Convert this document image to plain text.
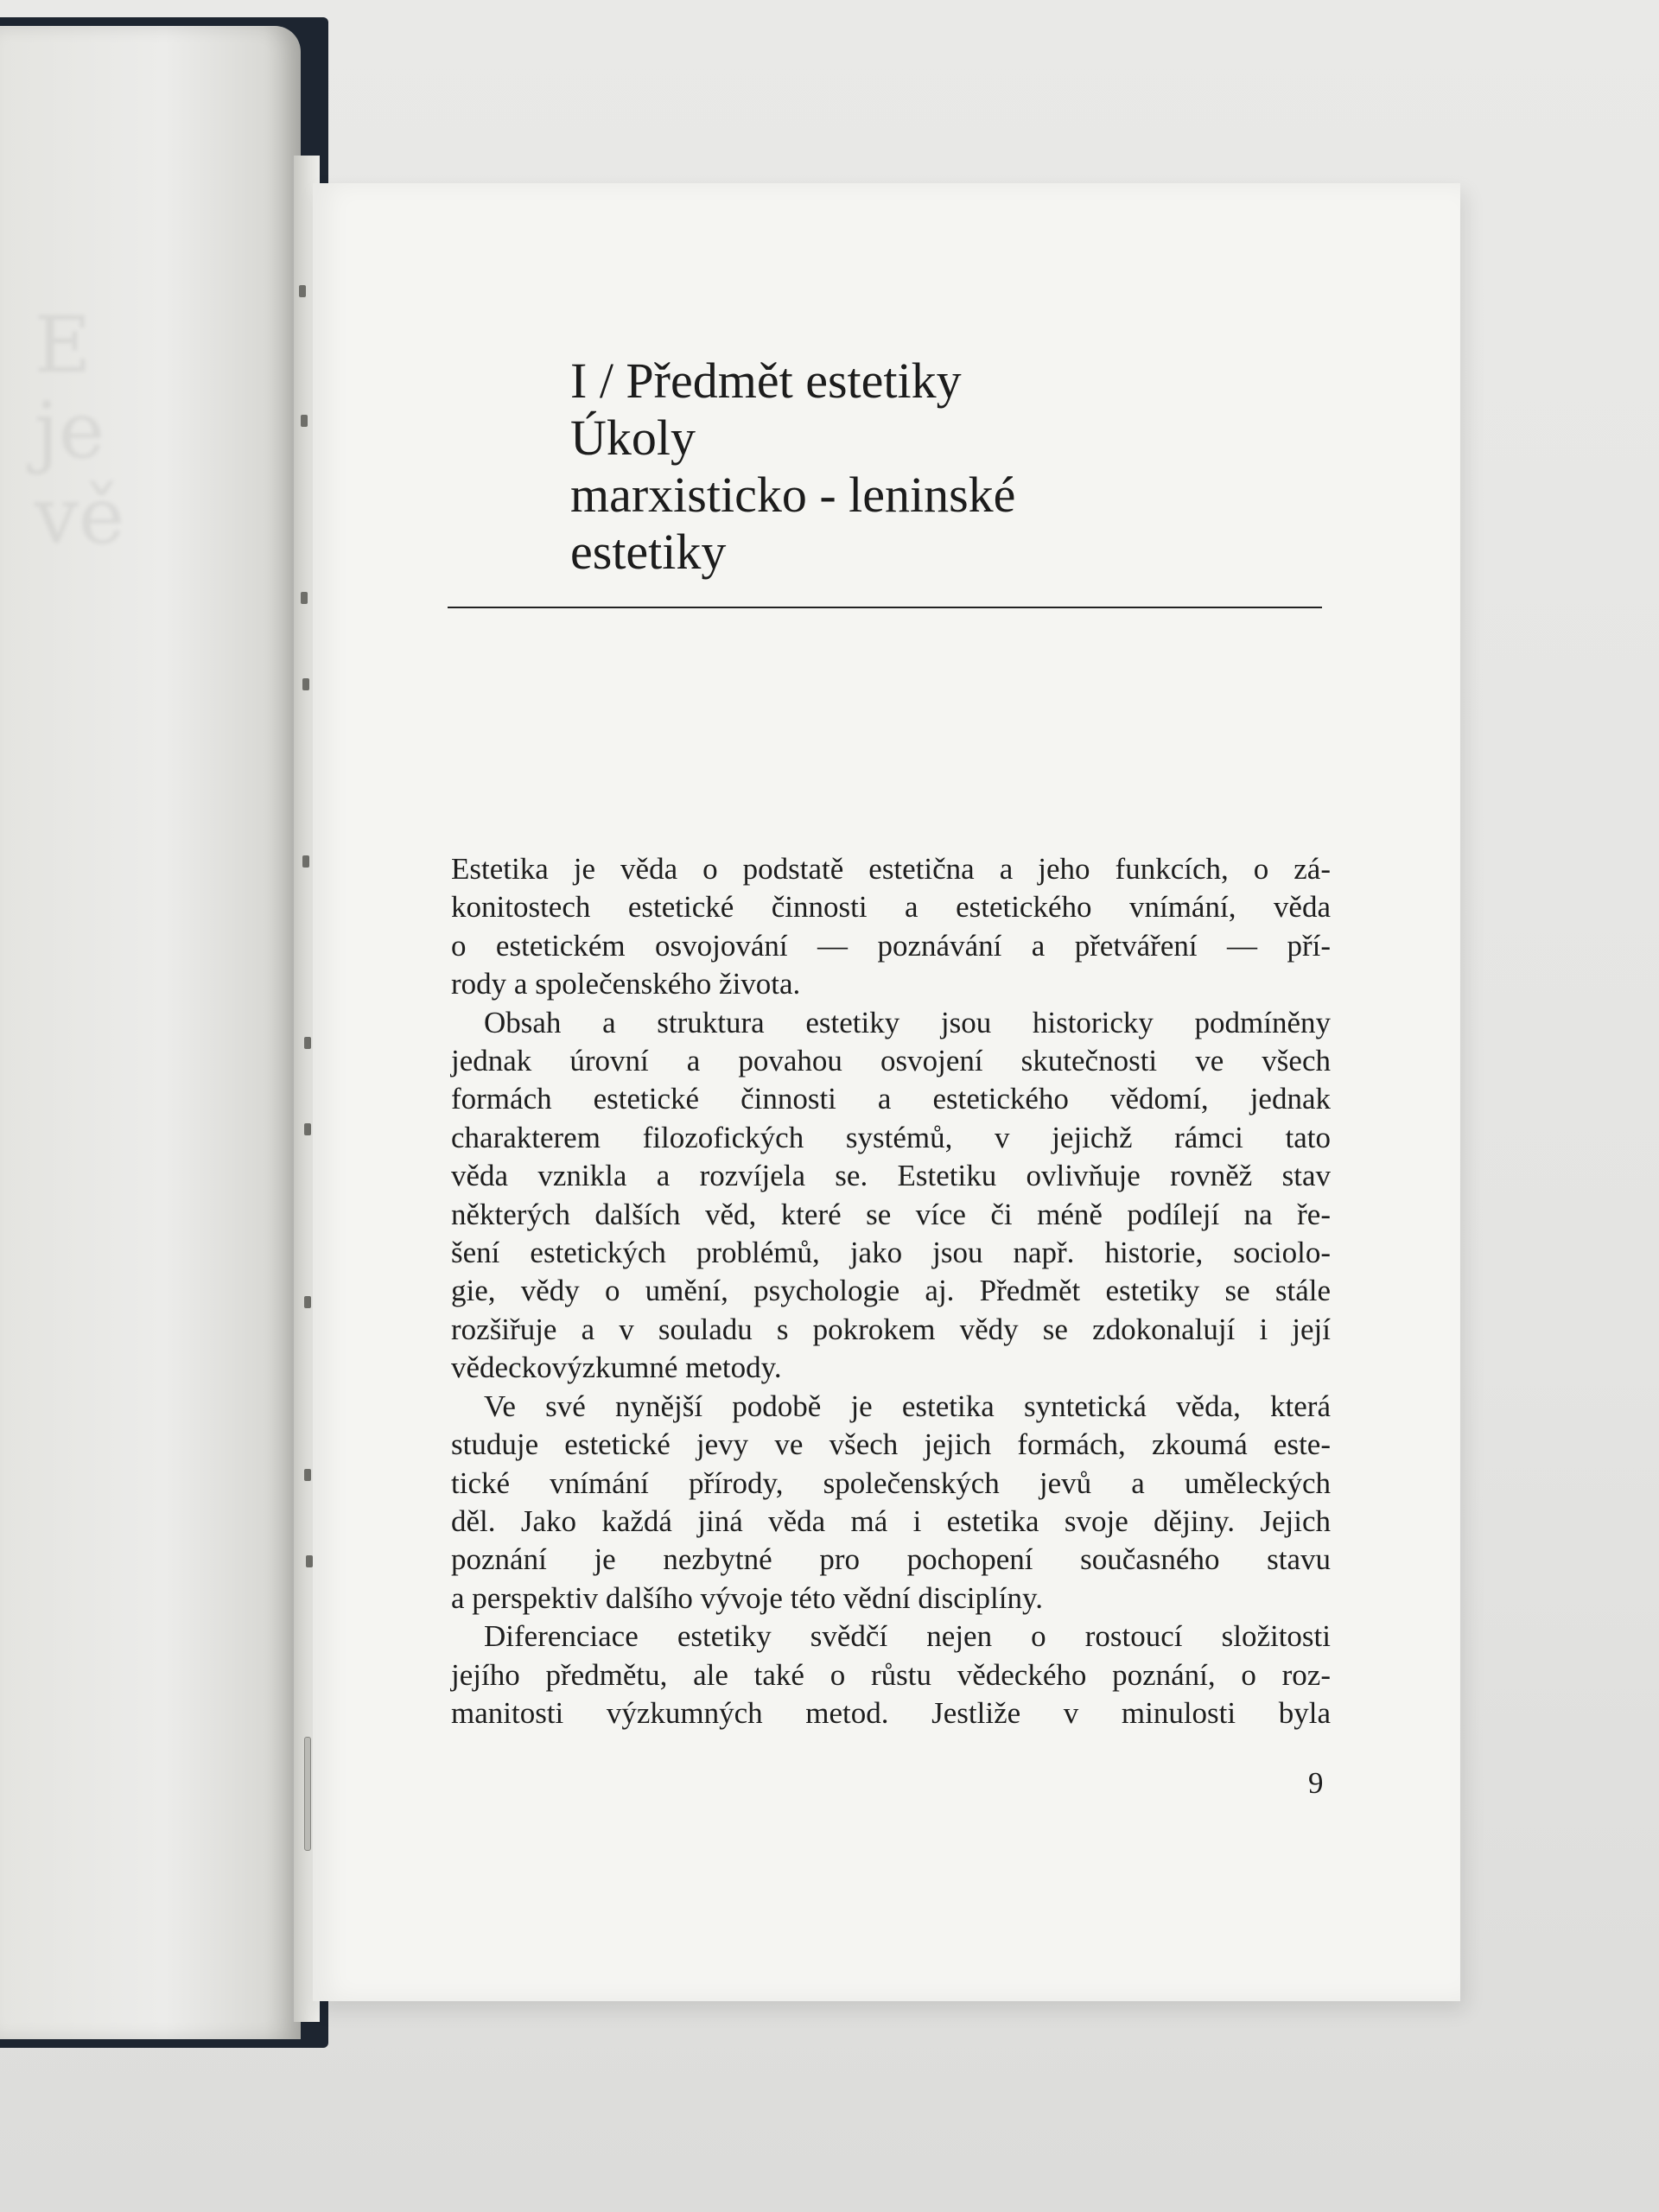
E
je
vě
I / Předmět estetiky
Úkoly
marxisticko - leninské
estetiky
Estetika je věda o podstatě estetična a jeho funkcích, o zá-
konitostech estetické činnosti a estetického vnímání, věda
o estetickém osvojování — poznávání a přetváření — pří-
rody a společenského života.
Obsah a struktura estetiky jsou historicky podmíněny
jednak úrovní a povahou osvojení skutečnosti ve všech
formách estetické činnosti a estetického vědomí, jednak
charakterem filozofických systémů, v jejichž rámci tato
věda vznikla a rozvíjela se. Estetiku ovlivňuje rovněž stav
některých dalších věd, které se více či méně podílejí na ře-
šení estetických problémů, jako jsou např. historie, sociolo-
gie, vědy o umění, psychologie aj. Předmět estetiky se stále
rozšiřuje a v souladu s pokrokem vědy se zdokonalují i její
vědeckovýzkumné metody.
Ve své nynější podobě je estetika syntetická věda, která
studuje estetické jevy ve všech jejich formách, zkoumá este-
tické vnímání přírody, společenských jevů a uměleckých
děl. Jako každá jiná věda má i estetika svoje dějiny. Jejich
poznání je nezbytné pro pochopení současného stavu
a perspektiv dalšího vývoje této vědní disciplíny.
Diferenciace estetiky svědčí nejen o rostoucí složitosti
jejího předmětu, ale také o růstu vědeckého poznání, o roz-
manitosti výzkumných metod. Jestliže v minulosti byla
9
